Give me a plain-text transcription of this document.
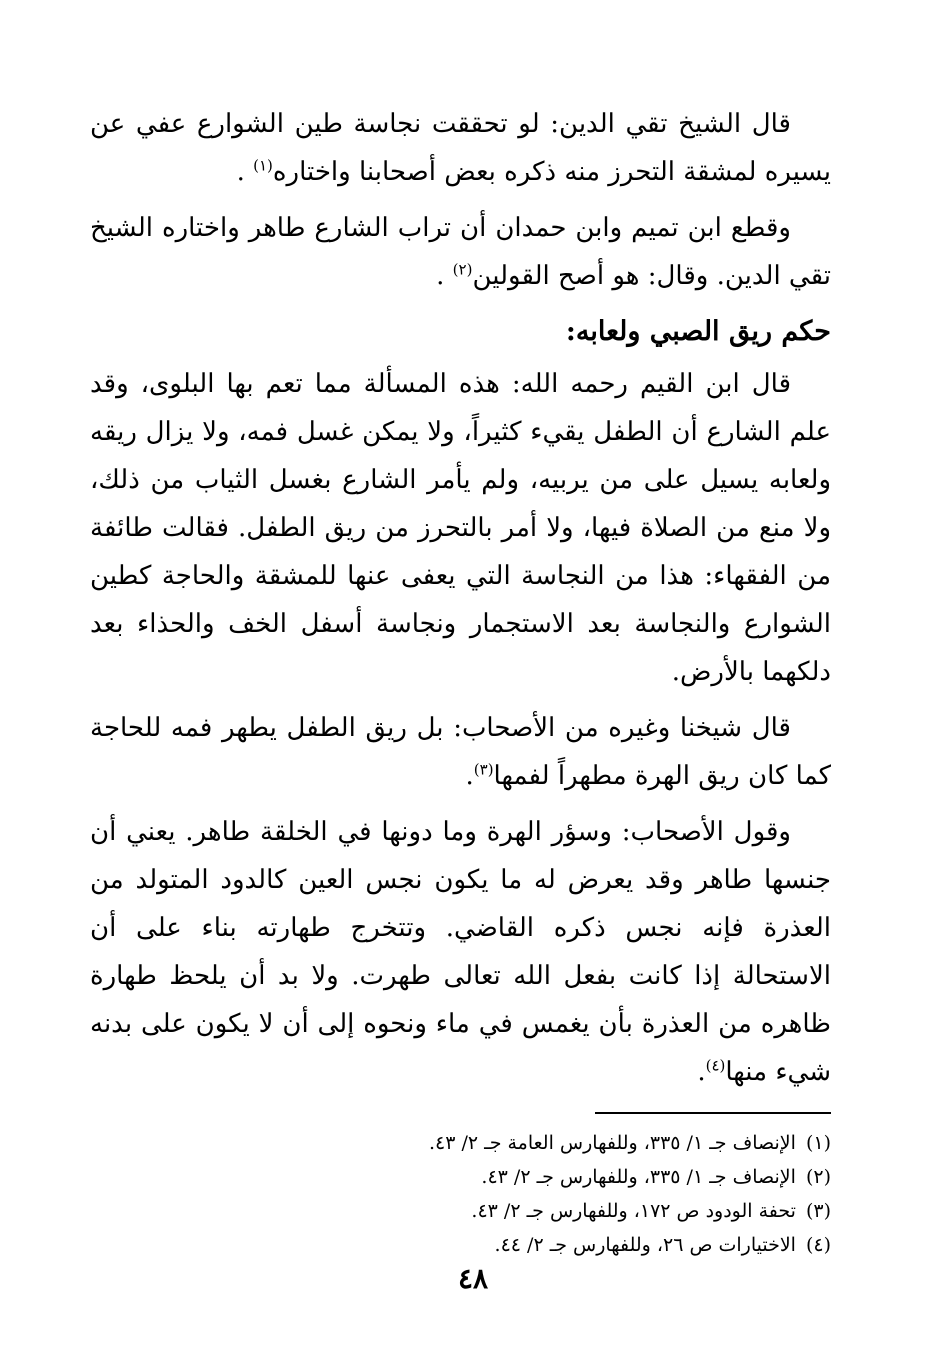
قال الشيخ تقي الدين: لو تحققت نجاسة طين الشوارع عفي عن يسيره لمشقة التحرز منه ذكره بعض أصحابنا واختاره$^{(١)}$ .

وقطع ابن تميم وابن حمدان أن تراب الشارع طاهر واختاره الشيخ تقي الدين. وقال: هو أصح القولين$^{(٢)}$ .

حكم ريق الصبي ولعابه:

قال ابن القيم رحمه الله: هذه المسألة مما تعم بها البلوى، وقد علم الشارع أن الطفل يقيء كثيراً، ولا يمكن غسل فمه، ولا يزال ريقه ولعابه يسيل على من يربيه، ولم يأمر الشارع بغسل الثياب من ذلك، ولا منع من الصلاة فيها، ولا أمر بالتحرز من ريق الطفل. فقالت طائفة من الفقهاء: هذا من النجاسة التي يعفى عنها للمشقة والحاجة كطين الشوارع والنجاسة بعد الاستجمار ونجاسة أسفل الخف والحذاء بعد دلكهما بالأرض.

قال شيخنا وغيره من الأصحاب: بل ريق الطفل يطهر فمه للحاجة كما كان ريق الهرة مطهراً لفمها$^{(٣)}$.

وقول الأصحاب: وسؤر الهرة وما دونها في الخلقة طاهر. يعني أن جنسها طاهر وقد يعرض له ما يكون نجس العين كالدود المتولد من العذرة فإنه نجس ذكره القاضي. وتتخرج طهارته بناء على أن الاستحالة إذا كانت بفعل الله تعالى طهرت. ولا بد أن يلحظ طهارة ظاهره من العذرة بأن يغمس في ماء ونحوه إلى أن لا يكون على بدنه شيء منها$^{(٤)}$.

(١)الإنصاف جـ ١/ ٣٣٥، وللفهارس العامة جـ ٢/ ٤٣.

(٢)الإنصاف جـ ١/ ٣٣٥، وللفهارس جـ ٢/ ٤٣.

(٣)تحفة الودود ص ١٧٢، وللفهارس جـ ٢/ ٤٣.

(٤)الاختيارات ص ٢٦، وللفهارس جـ ٢/ ٤٤.

٤٨
